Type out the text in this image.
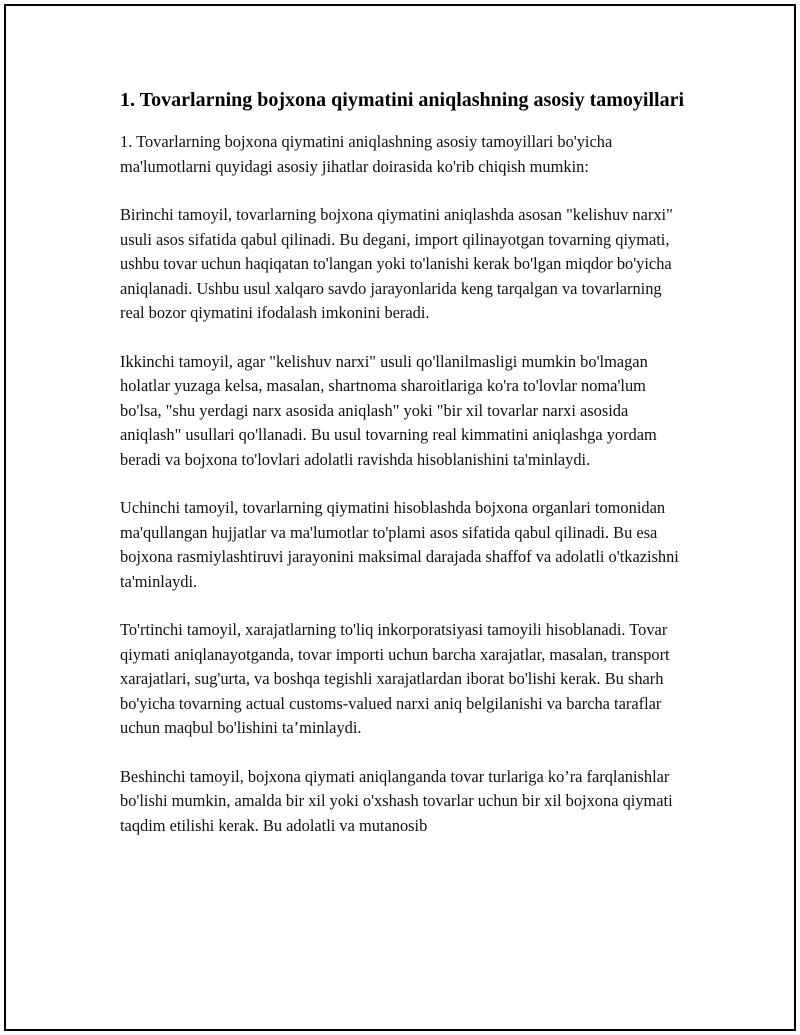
1. Tovarlarning bojxona qiymatini aniqlashning asosiy tamoyillari

1. Tovarlarning bojxona qiymatini aniqlashning asosiy tamoyillari bo'yicha ma'lumotlarni quyidagi asosiy jihatlar doirasida ko'rib chiqish mumkin:

Birinchi tamoyil, tovarlarning bojxona qiymatini aniqlashda asosan "kelishuv narxi" usuli asos sifatida qabul qilinadi. Bu degani, import qilinayotgan tovarning qiymati, ushbu tovar uchun haqiqatan to'langan yoki to'lanishi kerak bo'lgan miqdor bo'yicha aniqlanadi. Ushbu usul xalqaro savdo jarayonlarida keng tarqalgan va tovarlarning real bozor qiymatini ifodalash imkonini beradi.

Ikkinchi tamoyil, agar "kelishuv narxi" usuli qo'llanilmasligi mumkin bo'lmagan holatlar yuzaga kelsa, masalan, shartnoma sharoitlariga ko'ra to'lovlar noma'lum bo'lsa, "shu yerdagi narx asosida aniqlash" yoki "bir xil tovarlar narxi asosida aniqlash" usullari qo'llanadi. Bu usul tovarning real kimmatini aniqlashga yordam beradi va bojxona to'lovlari adolatli ravishda hisoblanishini ta'minlaydi.

Uchinchi tamoyil, tovarlarning qiymatini hisoblashda bojxona organlari tomonidan ma'qullangan hujjatlar va ma'lumotlar to'plami asos sifatida qabul qilinadi. Bu esa bojxona rasmiylashtiruvi jarayonini maksimal darajada shaffof va adolatli o'tkazishni ta'minlaydi.

To'rtinchi tamoyil, xarajatlarning to'liq inkorporatsiyasi tamoyili hisoblanadi. Tovar qiymati aniqlanayotganda, tovar importi uchun barcha xarajatlar, masalan, transport xarajatlari, sug'urta, va boshqa tegishli xarajatlardan iborat bo'lishi kerak. Bu sharh bo'yicha tovarning actual customs-valued narxi aniq belgilanishi va barcha taraflar uchun maqbul bo'lishini ta’minlaydi.

Beshinchi tamoyil, bojxona qiymati aniqlanganda tovar turlariga ko’ra farqlanishlar bo'lishi mumkin, amalda bir xil yoki o'xshash tovarlar uchun bir xil bojxona qiymati taqdim etilishi kerak. Bu adolatli va mutanosib
